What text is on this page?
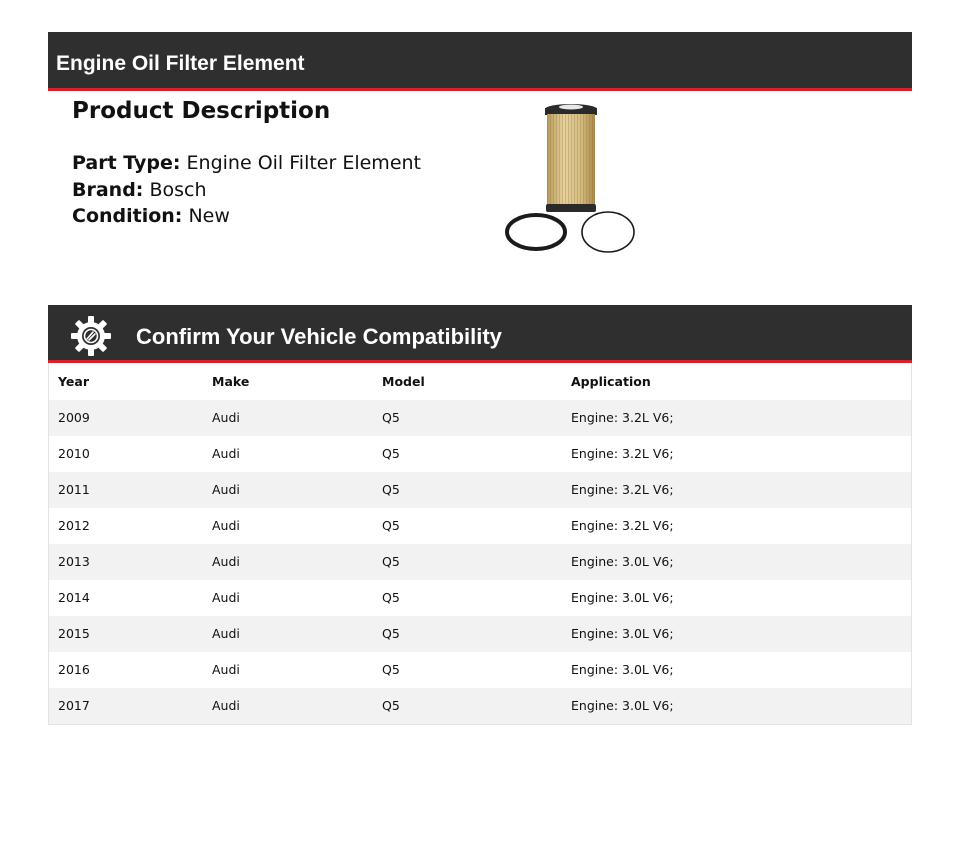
Engine Oil Filter Element
Product Description
Part Type: Engine Oil Filter Element
Brand: Bosch
Condition: New
Confirm Your Vehicle Compatibility
Year	Make	Model	Application
2009	Audi	Q5	Engine: 3.2L V6;
2010	Audi	Q5	Engine: 3.2L V6;
2011	Audi	Q5	Engine: 3.2L V6;
2012	Audi	Q5	Engine: 3.2L V6;
2013	Audi	Q5	Engine: 3.0L V6;
2014	Audi	Q5	Engine: 3.0L V6;
2015	Audi	Q5	Engine: 3.0L V6;
2016	Audi	Q5	Engine: 3.0L V6;
2017	Audi	Q5	Engine: 3.0L V6;
